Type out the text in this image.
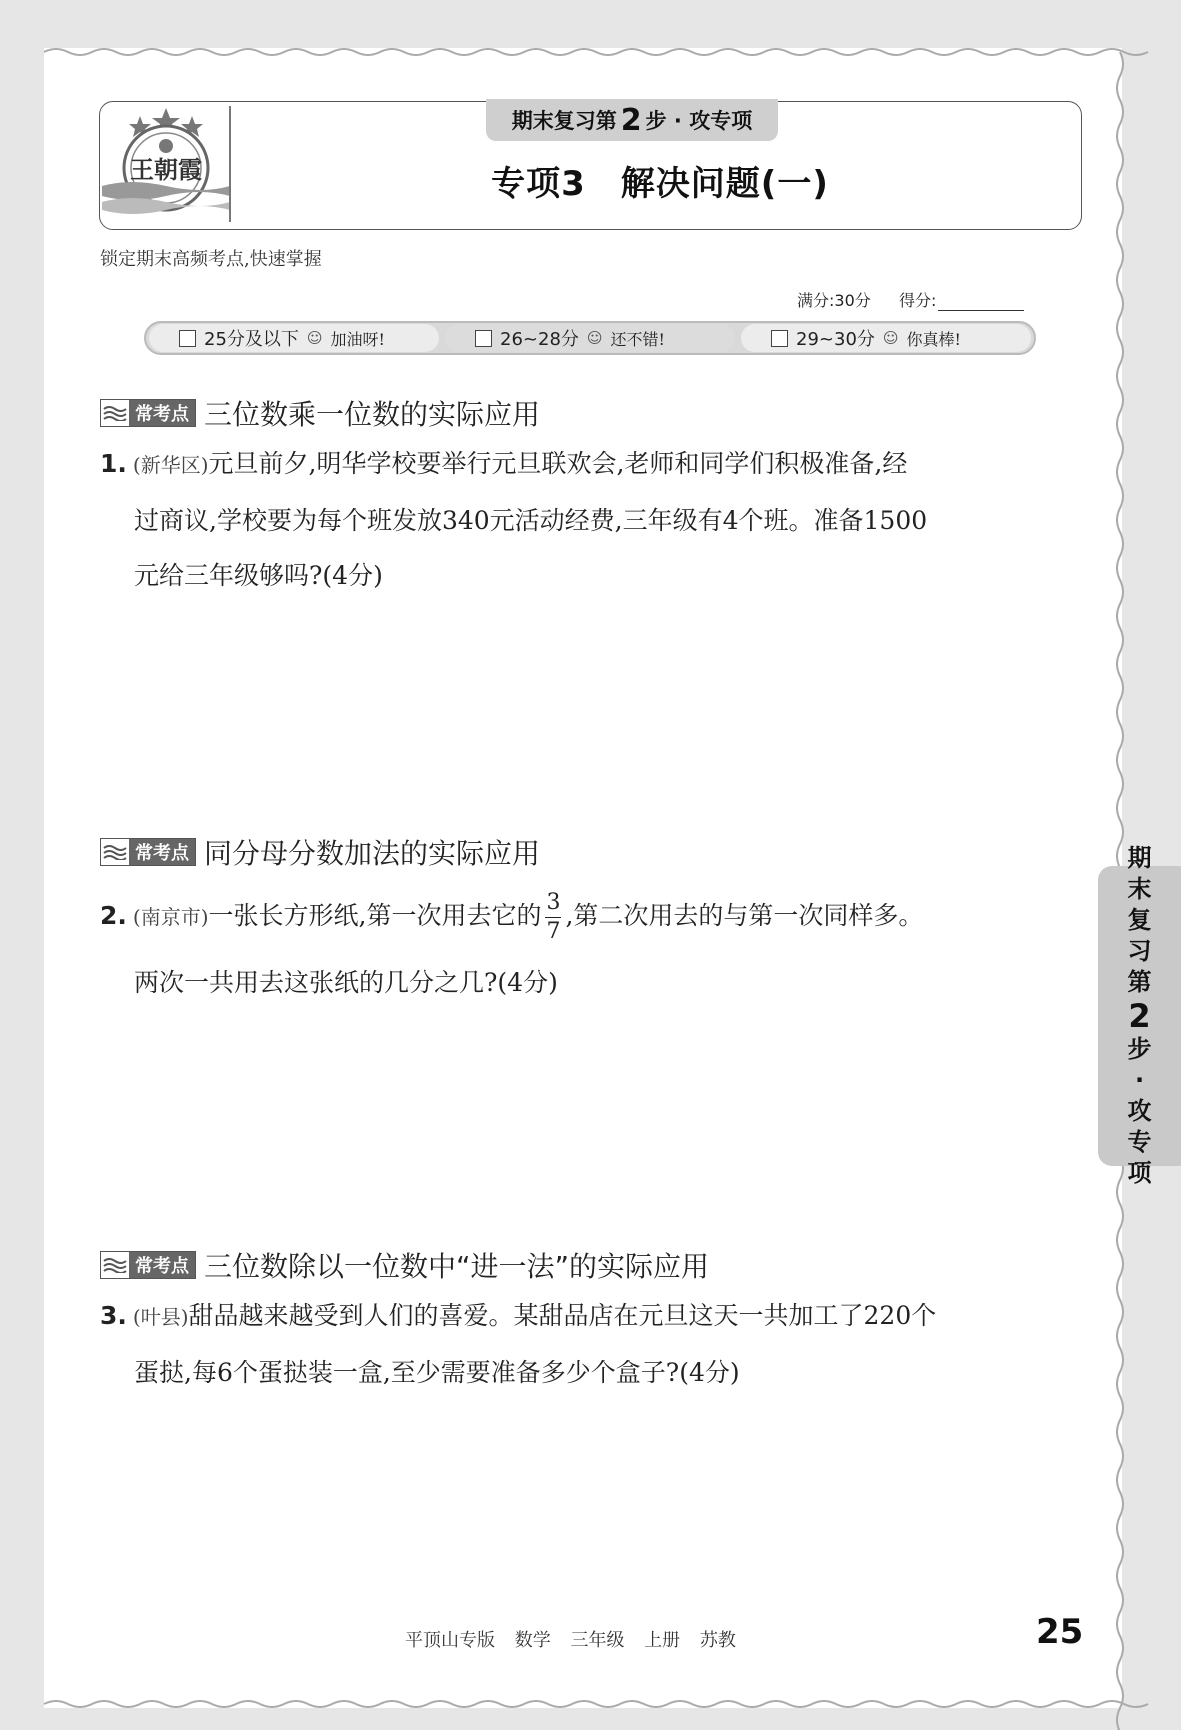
王朝霞
期末复习第 2 步 · 攻专项
专项3　解决问题(一)
锁定期末高频考点,快速掌握
满分:30分 得分:
25分及以下 ☺ 加油呀!	26~28分 ☺ 还不错!	29~30分 ☺ 你真棒!
常考点 三位数乘一位数的实际应用
1. (新华区)元旦前夕,明华学校要举行元旦联欢会,老师和同学们积极准备,经
过商议,学校要为每个班发放340元活动经费,三年级有4个班。准备1500
元给三年级够吗?(4分)
常考点 同分母分数加法的实际应用
2. (南京市)一张长方形纸,第一次用去它的 $\frac{3}{7}$ ,第二次用去的与第一次同样多。
两次一共用去这张纸的几分之几?(4分)
常考点 三位数除以一位数中“进一法”的实际应用
3. (叶县)甜品越来越受到人们的喜爱。某甜品店在元旦这天一共加工了220个
蛋挞,每6个蛋挞装一盒,至少需要准备多少个盒子?(4分)
期
末
复
习
第
2
步
·
攻
专
项
平顶山专版 数学 三年级 上册 苏教	25
